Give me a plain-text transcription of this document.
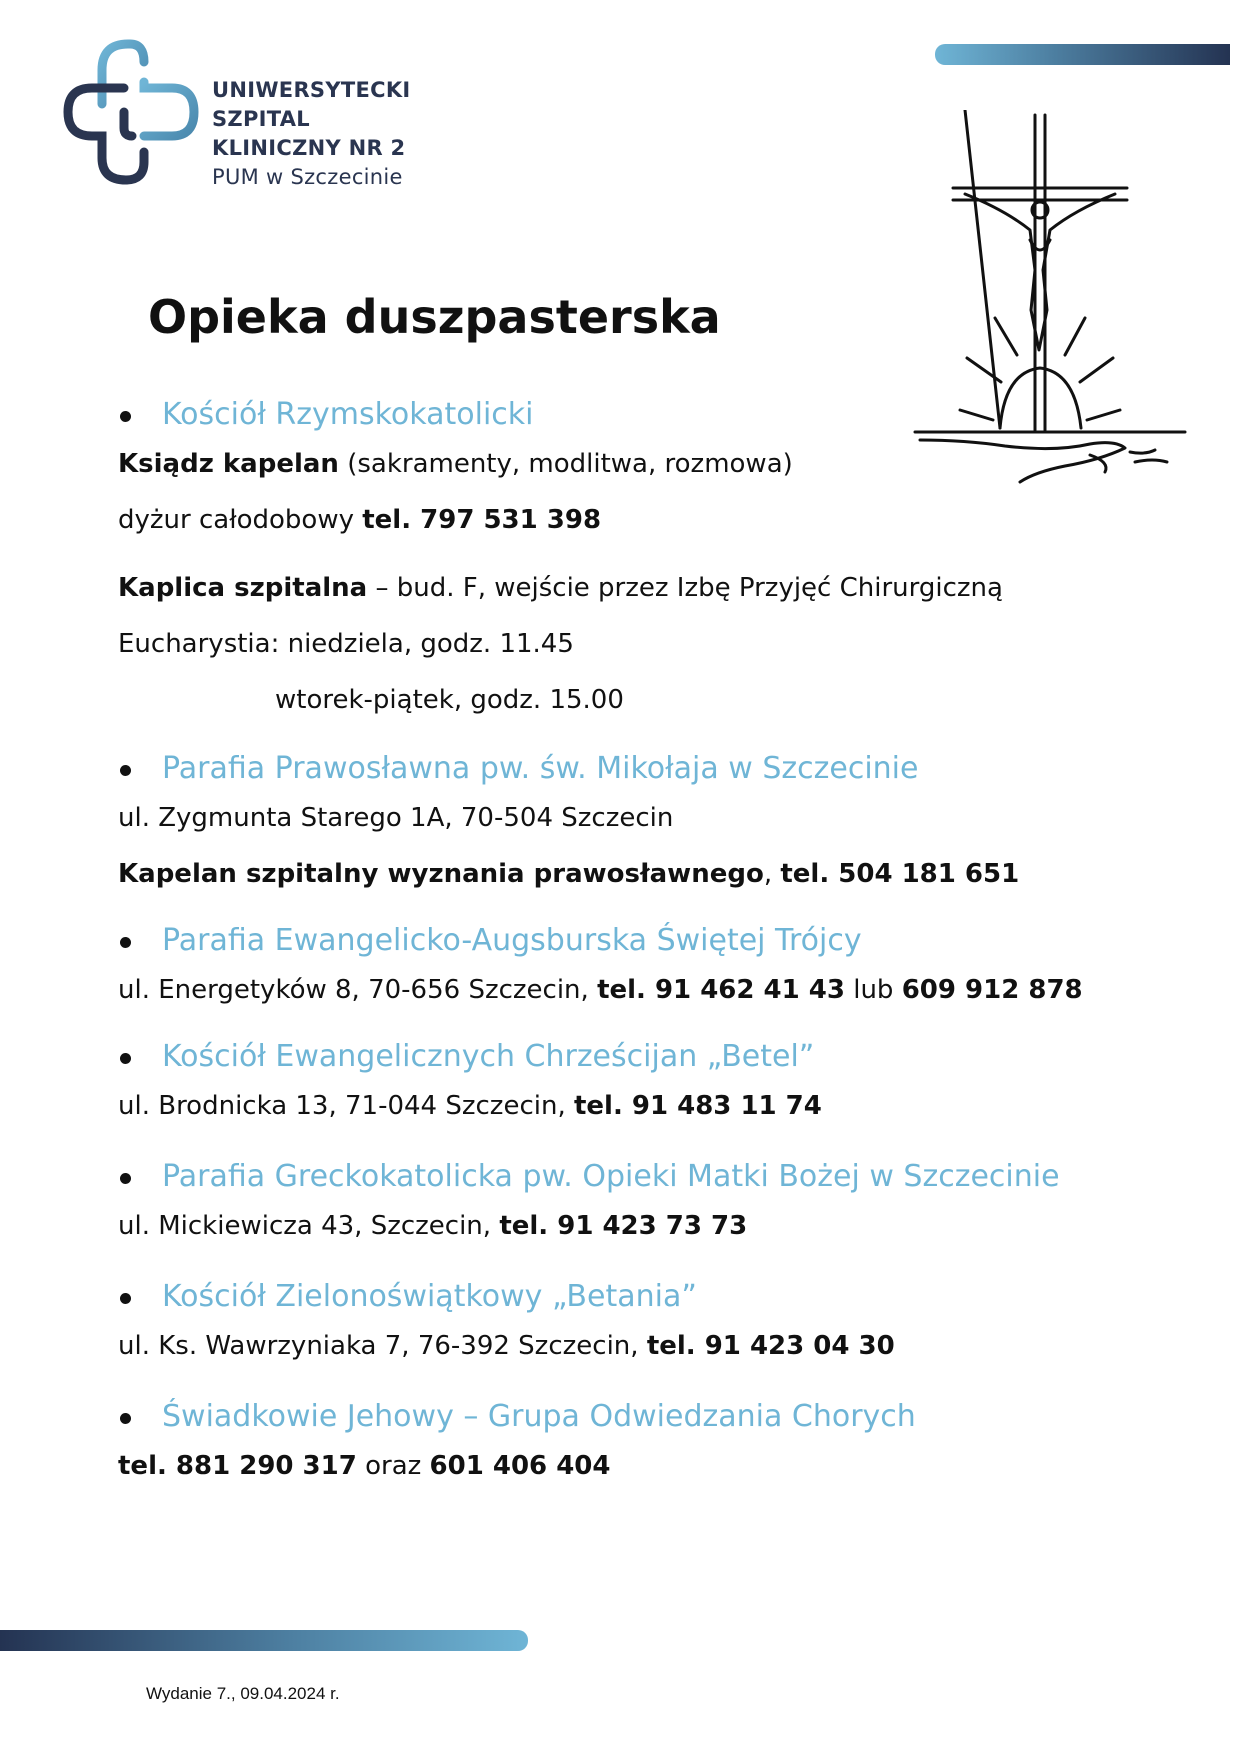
UNIWERSYTECKI
SZPITAL
KLINICZNY NR 2
PUM w Szczecinie
Opieka duszpasterska
Kościół Rzymskokatolicki

Ksiądz kapelan (sakramenty, modlitwa, rozmowa)

dyżur całodobowy tel. 797 531 398

Kaplica szpitalna – bud. F, wejście przez Izbę Przyjęć Chirurgiczną

Eucharystia: niedziela, godz. 11.45

wtorek-piątek, godz. 15.00

Parafia Prawosławna pw. św. Mikołaja w Szczecinie

ul. Zygmunta Starego 1A, 70-504 Szczecin

Kapelan szpitalny wyznania prawosławnego, tel. 504 181 651

Parafia Ewangelicko-Augsburska Świętej Trójcy

ul. Energetyków 8, 70-656 Szczecin, tel. 91 462 41 43 lub 609 912 878

Kościół Ewangelicznych Chrześcijan „Betel”

ul. Brodnicka 13, 71-044 Szczecin, tel. 91 483 11 74

Parafia Greckokatolicka pw. Opieki Matki Bożej w Szczecinie

ul. Mickiewicza 43, Szczecin, tel. 91 423 73 73

Kościół Zielonoświątkowy „Betania”

ul. Ks. Wawrzyniaka 7, 76-392 Szczecin, tel. 91 423 04 30

Świadkowie Jehowy – Grupa Odwiedzania Chorych

tel. 881 290 317 oraz 601 406 404

Wydanie 7., 09.04.2024 r.
